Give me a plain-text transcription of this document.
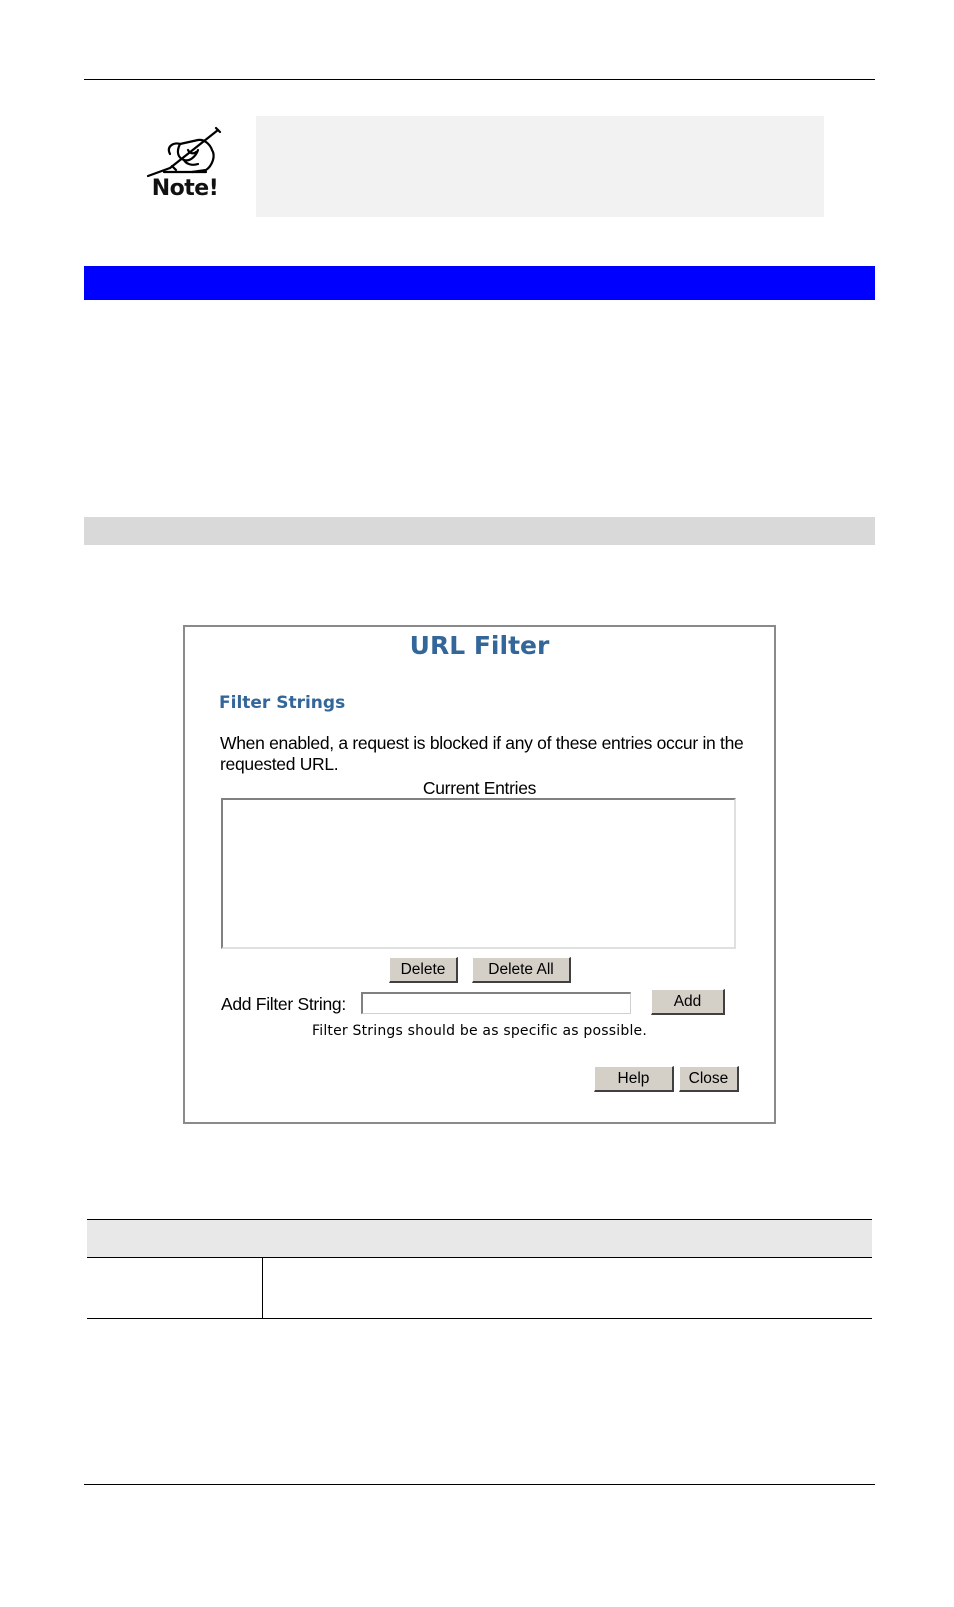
Note!
URL Filter
Filter Strings
When enabled, a request is blocked if any of these entries occur in the requested URL.
Current Entries
Delete	Delete All
Add Filter String:	Add
Filter Strings should be as specific as possible.
Help	Close
